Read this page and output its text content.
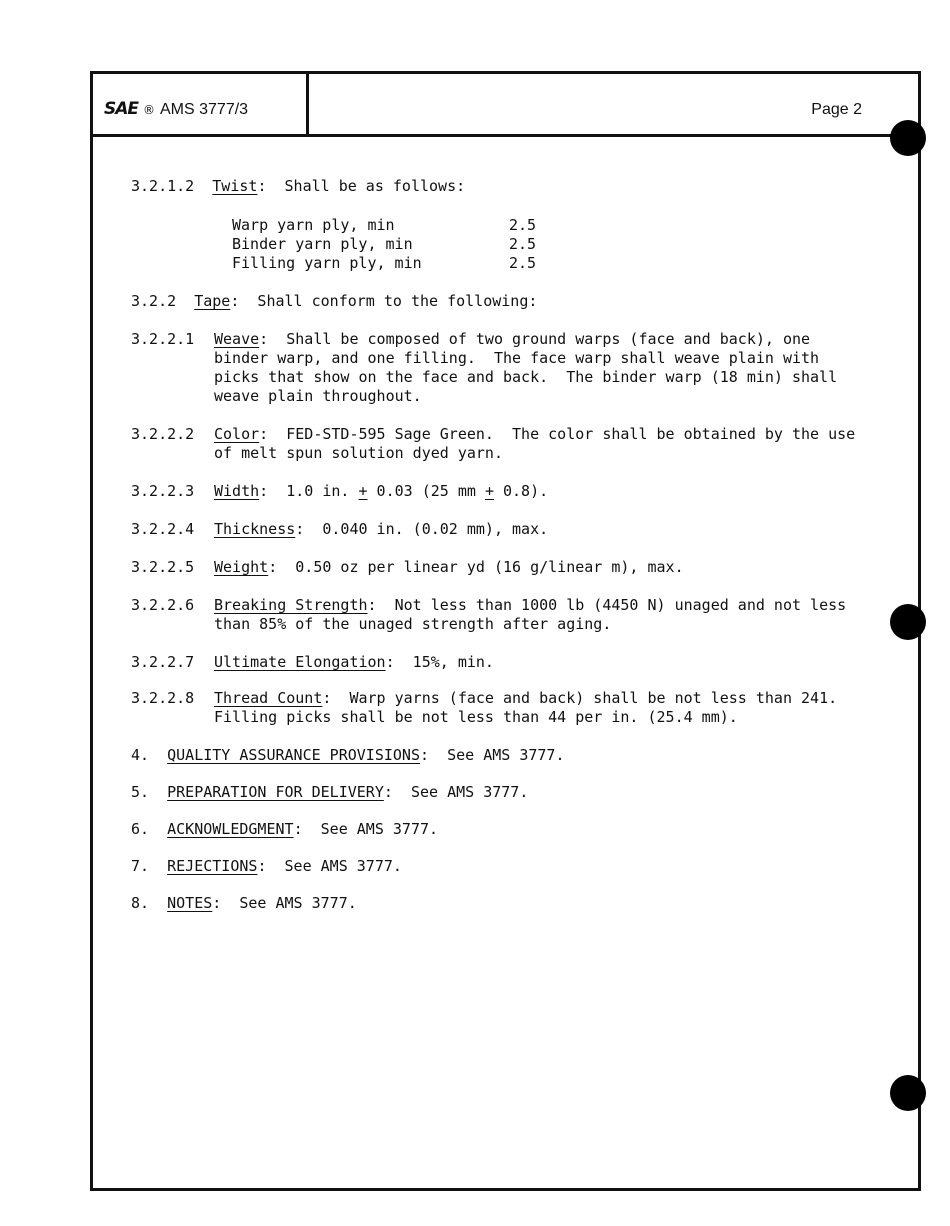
SAE ® AMS 3777/3	Page 2
3.2.1.2 Twist:  Shall be as follows:
Warp yarn ply, min	2.5
Binder yarn ply, min	2.5
Filling yarn ply, min	2.5
3.2.2 Tape:  Shall conform to the following:
3.2.2.1 Weave:  Shall be composed of two ground warps (face and back), one
binder warp, and one filling.  The face warp shall weave plain with
picks that show on the face and back.  The binder warp (18 min) shall
weave plain throughout.
3.2.2.2 Color:  FED-STD-595 Sage Green.  The color shall be obtained by the use
of melt spun solution dyed yarn.
3.2.2.3 Width:  1.0 in. + 0.03 (25 mm + 0.8).
3.2.2.4 Thickness:  0.040 in. (0.02 mm), max.
3.2.2.5 Weight:  0.50 oz per linear yd (16 g/linear m), max.
3.2.2.6 Breaking Strength:  Not less than 1000 lb (4450 N) unaged and not less
than 85% of the unaged strength after aging.
3.2.2.7 Ultimate Elongation:  15%, min.
3.2.2.8 Thread Count:  Warp yarns (face and back) shall be not less than 241.
Filling picks shall be not less than 44 per in. (25.4 mm).
4. QUALITY ASSURANCE PROVISIONS:  See AMS 3777.
5. PREPARATION FOR DELIVERY:  See AMS 3777.
6. ACKNOWLEDGMENT:  See AMS 3777.
7. REJECTIONS:  See AMS 3777.
8. NOTES:  See AMS 3777.
